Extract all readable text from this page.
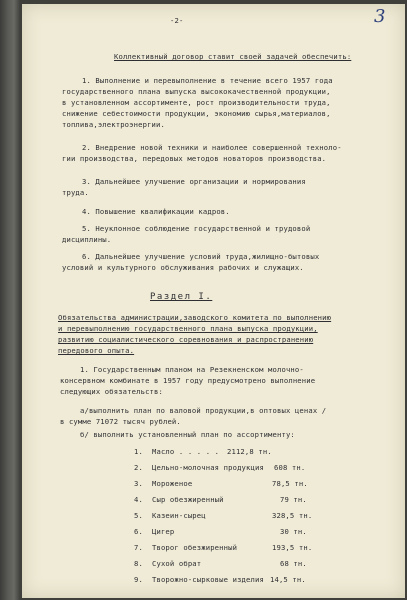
3
-2-
Коллективный договор ставит своей задачей обеспечить:
1. Выполнение и перевыполнение в течение всего 1957 года
государственного плана выпуска высококачественной продукции,
в установленном ассортименте, рост производительности труда,
снижение себестоимости продукции, экономию сырья,материалов,
топлива,электроэнергии.
2. Внедрение новой техники и наиболее совершенной техноло-
гии производства, передовых методов новаторов производства.
3. Дальнейшее улучшение организации и нормирования
труда.
4. Повышение квалификации кадров.
5. Неуклонное соблюдение государственной и трудовой
дисциплины.
6. Дальнейшее улучшение условий труда,жилищно-бытовых
условий и культурного обслуживания рабочих и служащих.
Раздел I.
Обязательства администрации,заводского комитета по выполнению
и перевыполнению государственного плана выпуска продукции,
развитию социалистического соревнования и распространению
передового опыта.
1. Государственным планом на Резекненском молочно-
консервном комбинате в 1957 году предусмотрено выполнение
следующих обязательств:
а/выполнить план по валовой продукции,в оптовых ценах /
в сумме 71072 тысяч рублей.
б/ выполнить установленный план по ассортименту:
1. Масло . . . . . 2112,8 тн.
2. Цельно-молочная продукция 608 тн.
3. Мороженое	78,5 тн.
4. Сыр обезжиренный	79 тн.
5. Казеин-сырец	328,5 тн.
6. Цигер	30 тн.
7. Творог обезжиренный	193,5 тн.
8. Сухой обрат	68 тн.
9. Творожно-сырковые изделия 14,5 тн.
